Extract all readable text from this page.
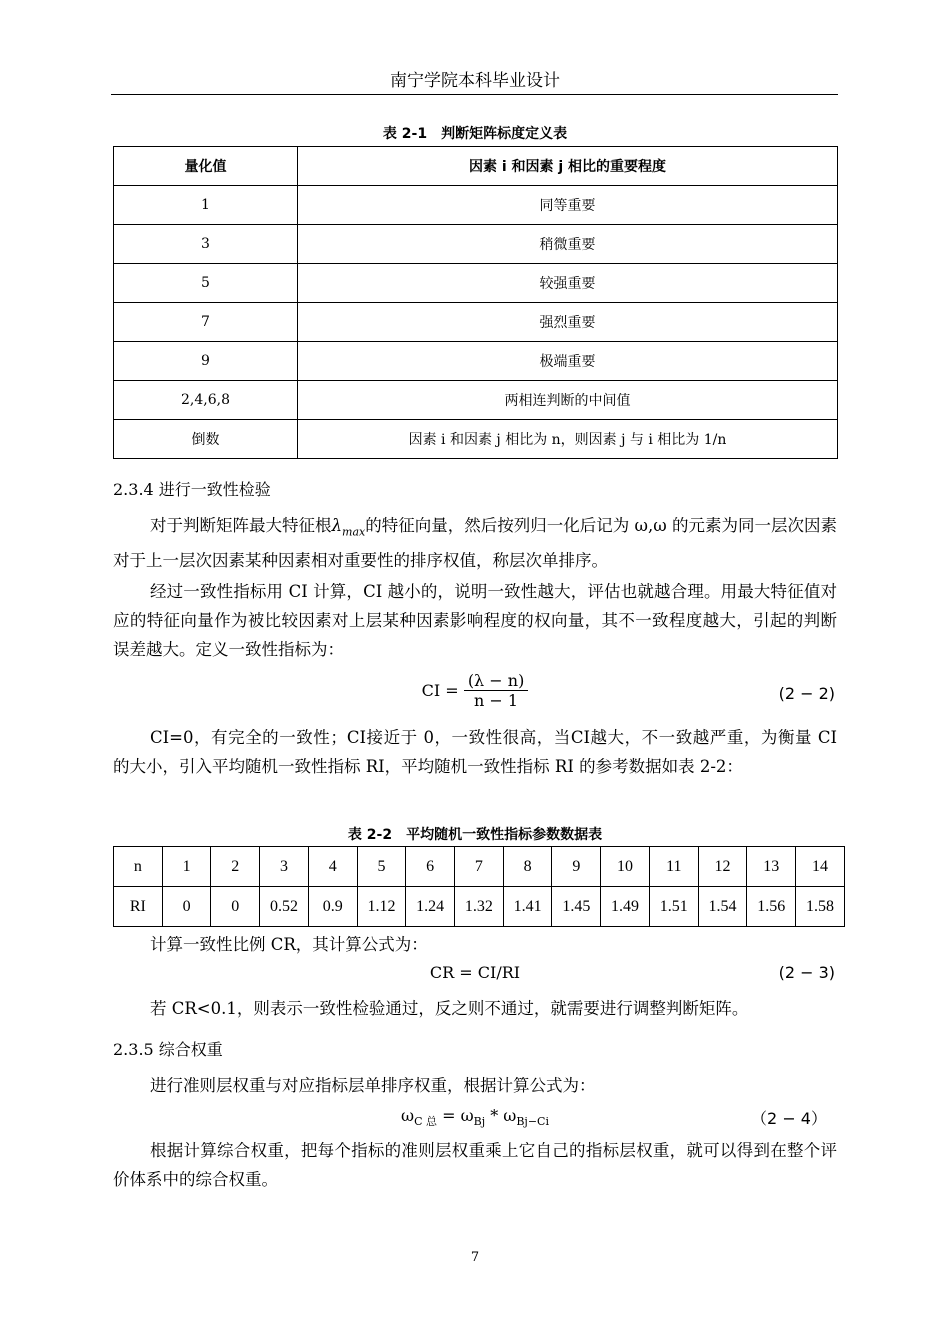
南宁学院本科毕业设计
表 2-1　判断矩阵标度定义表
量化值	因素 i 和因素 j 相比的重要程度
1	同等重要
3	稍微重要
5	较强重要
7	强烈重要
9	极端重要
2,4,6,8	两相连判断的中间值
倒数	因素 i 和因素 j 相比为 n，则因素 j 与 i 相比为 1/n
2.3.4 进行一致性检验
对于判断矩阵最大特征根$\lambda_{max}$的特征向量，然后按列归一化后记为 ω,ω 的元素为同一层次因素对于上一层次因素某种因素相对重要性的排序权值，称层次单排序。
经过一致性指标用 CI 计算，CI 越小的，说明一致性越大，评估也就越合理。用最大特征值对应的特征向量作为被比较因素对上层某种因素影响程度的权向量，其不一致程度越大，引起的判断误差越大。定义一致性指标为：
CI = $\frac{(\lambda - n)}{n - 1}$	(2 − 2)
CI=0，有完全的一致性；CI接近于 0，一致性很高，当CI越大，不一致越严重，为衡量 CI 的大小，引入平均随机一致性指标 RI，平均随机一致性指标 RI 的参考数据如表 2-2：
表 2-2　平均随机一致性指标参数数据表
n	1	2	3	4	5	6	7	8	9	10	11	12	13	14
RI	0	0	0.52	0.9	1.12	1.24	1.32	1.41	1.45	1.49	1.51	1.54	1.56	1.58
计算一致性比例 CR，其计算公式为：
CR = CI/RI	(2 − 3)
若 CR<0.1，则表示一致性检验通过，反之则不通过，就需要进行调整判断矩阵。
2.3.5 综合权重
进行准则层权重与对应指标层单排序权重，根据计算公式为：
$\omega_{C 总} = \omega_{Bj} * \omega_{Bj-Ci}$	（2 − 4）
根据计算综合权重，把每个指标的准则层权重乘上它自己的指标层权重，就可以得到在整个评价体系中的综合权重。
7
